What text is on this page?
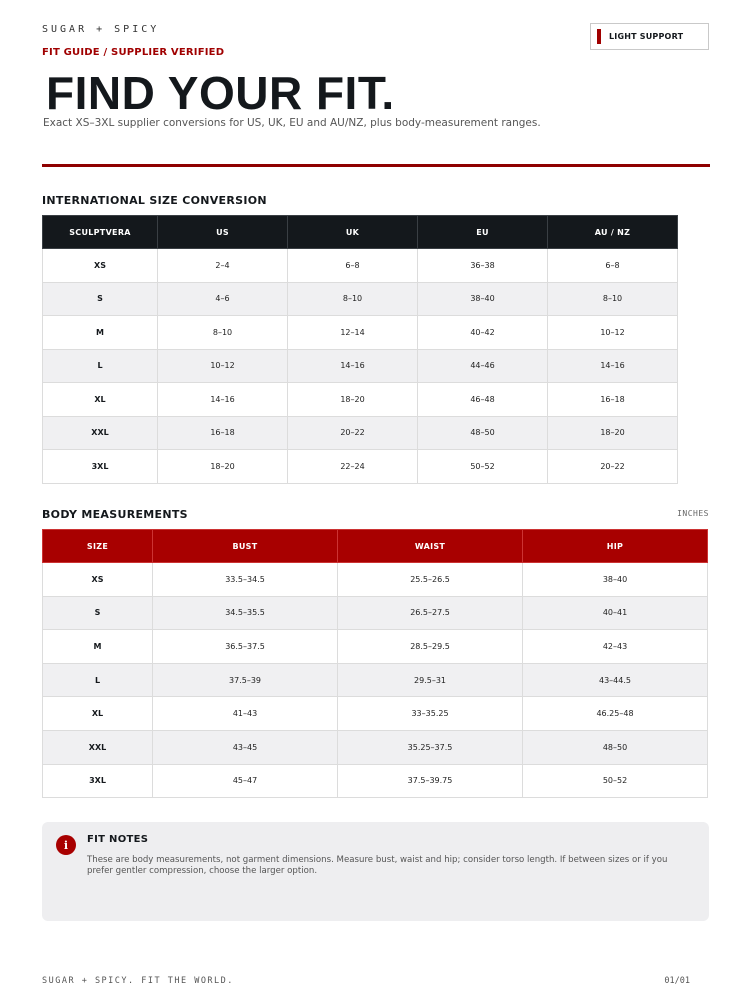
SUGAR + SPICY
FIT GUIDE / SUPPLIER VERIFIED
LIGHT SUPPORT
FIND YOUR FIT.
Exact XS–3XL supplier conversions for US, UK, EU and AU/NZ, plus body-measurement ranges.
INTERNATIONAL SIZE CONVERSION
SCULPTVERA	US	UK	EU	AU / NZ
XS	2–4	6–8	36–38	6–8
S	4–6	8–10	38–40	8–10
M	8–10	12–14	40–42	10–12
L	10–12	14–16	44–46	14–16
XL	14–16	18–20	46–48	16–18
XXL	16–18	20–22	48–50	18–20
3XL	18–20	22–24	50–52	20–22
BODY MEASUREMENTS	INCHES
SIZE	BUST	WAIST	HIP
XS	33.5–34.5	25.5–26.5	38–40
S	34.5–35.5	26.5–27.5	40–41
M	36.5–37.5	28.5–29.5	42–43
L	37.5–39	29.5–31	43–44.5
XL	41–43	33–35.25	46.25–48
XXL	43–45	35.25–37.5	48–50
3XL	45–47	37.5–39.75	50–52
i	FIT NOTES
These are body measurements, not garment dimensions. Measure bust, waist and hip; consider torso length. If between sizes or if you prefer gentler compression, choose the larger option.
SUGAR + SPICY. FIT THE WORLD.	01/01
